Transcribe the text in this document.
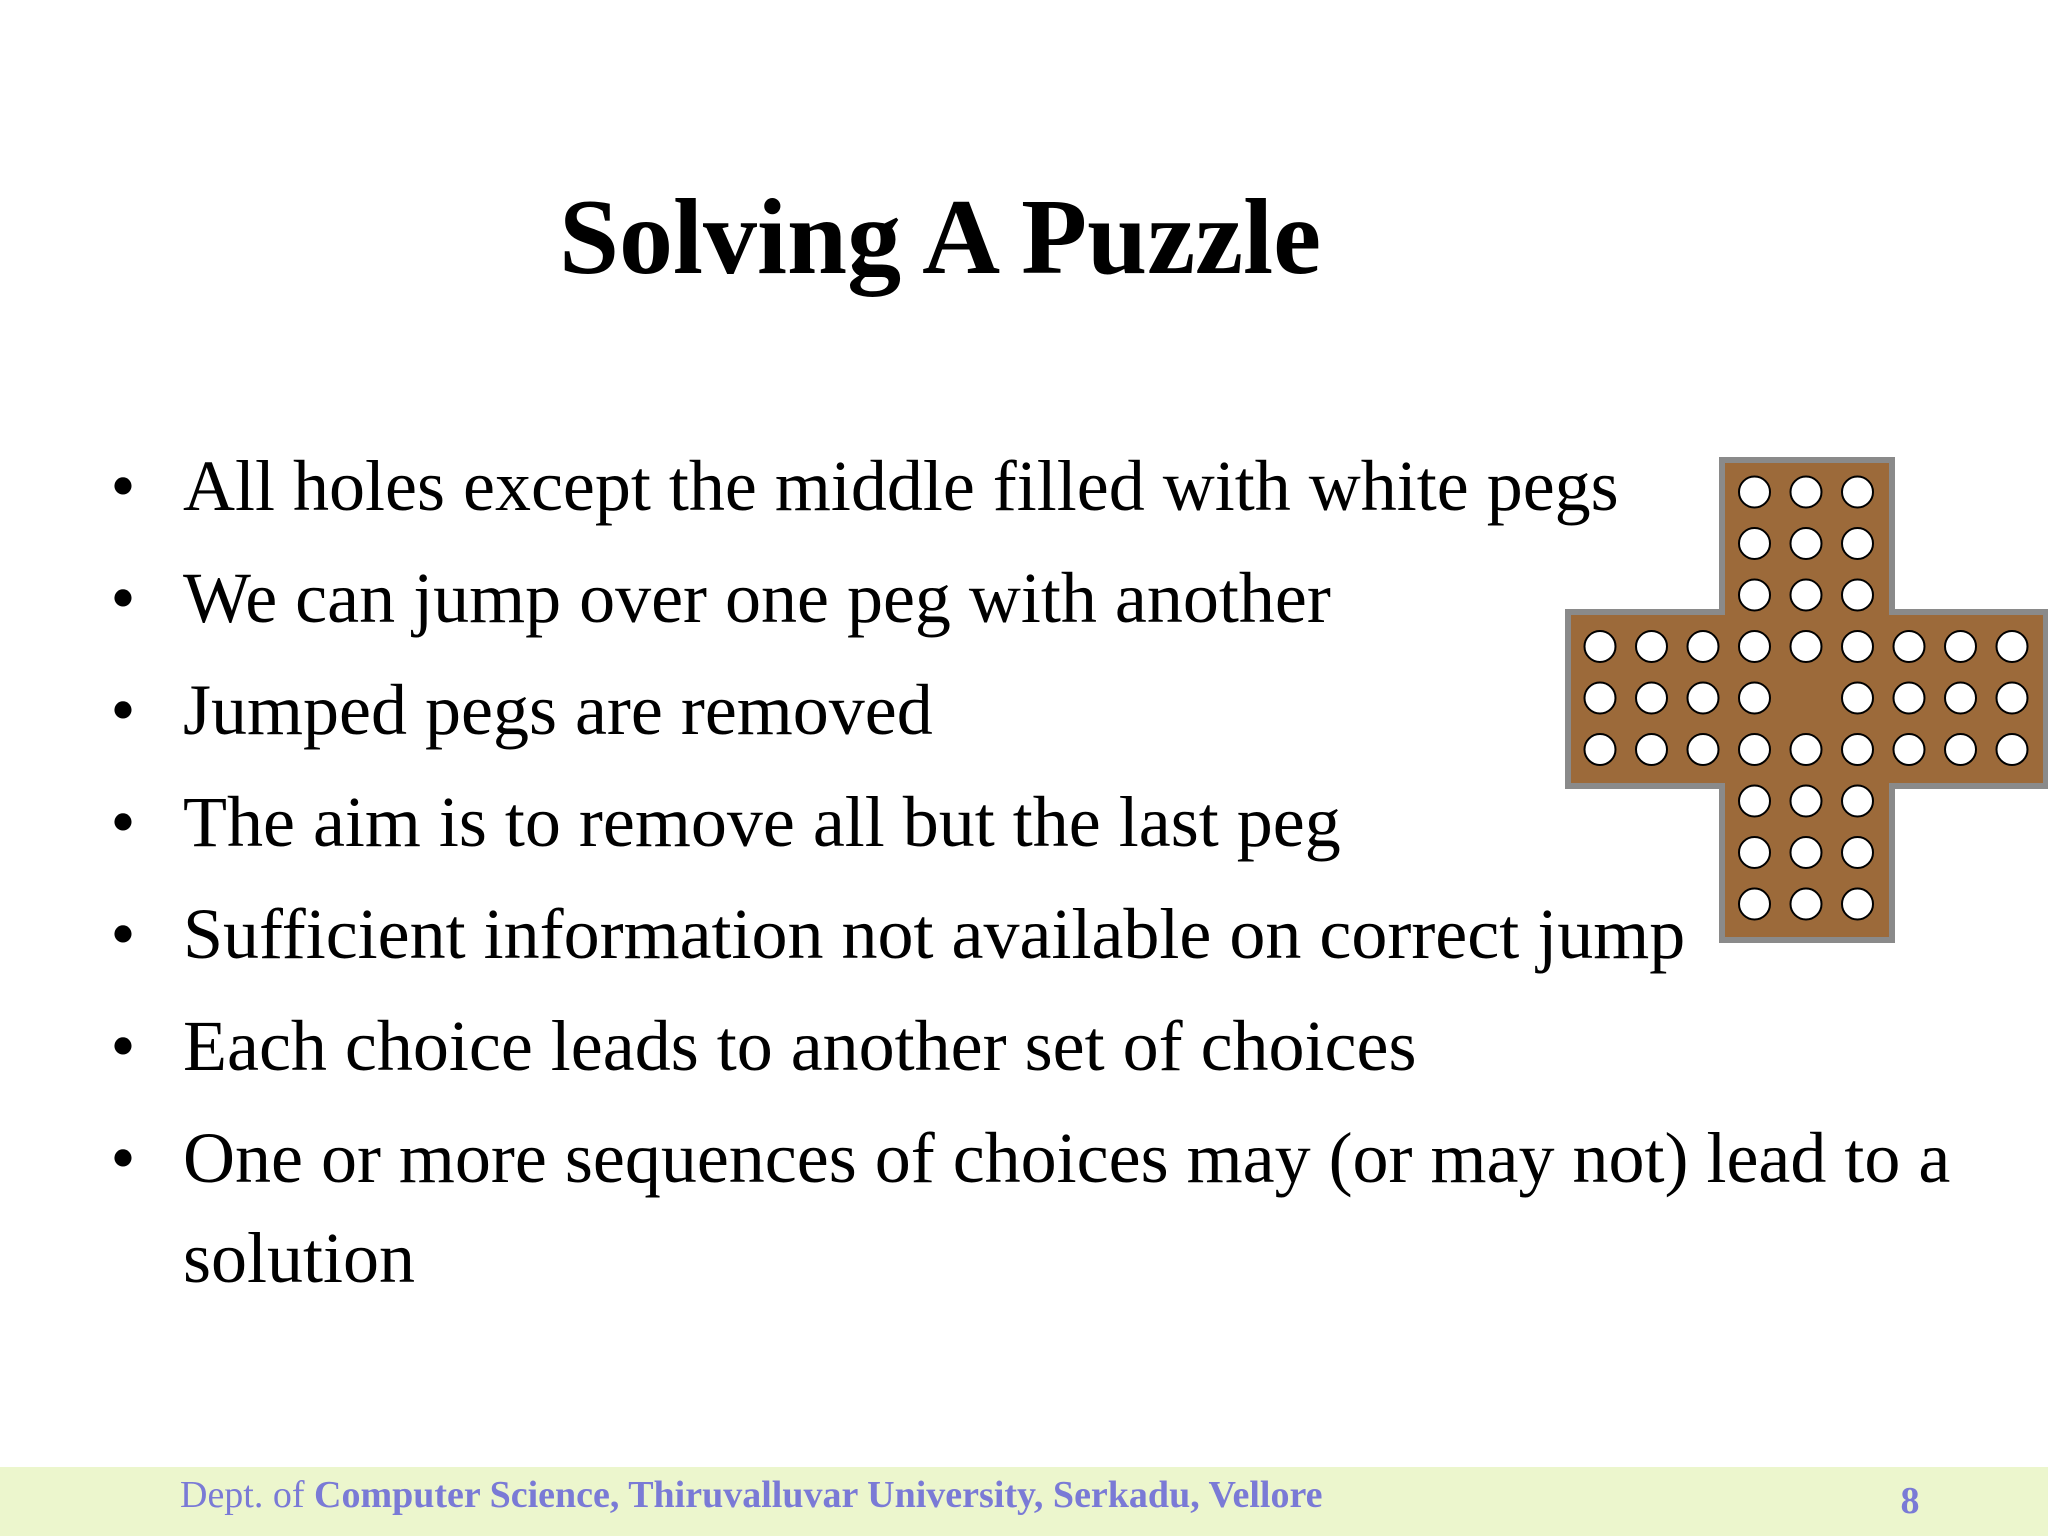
Solving A Puzzle
• All holes except the middle filled with white pegs
• We can jump over one peg with another
• Jumped pegs are removed
• The aim is to remove all but the last peg
• Sufficient information not available on correct jump
• Each choice leads to another set of choices
• One or more sequences of choices may (or may not) lead to a solution
Dept. of Computer Science, Thiruvalluvar University, Serkadu, Vellore	8
